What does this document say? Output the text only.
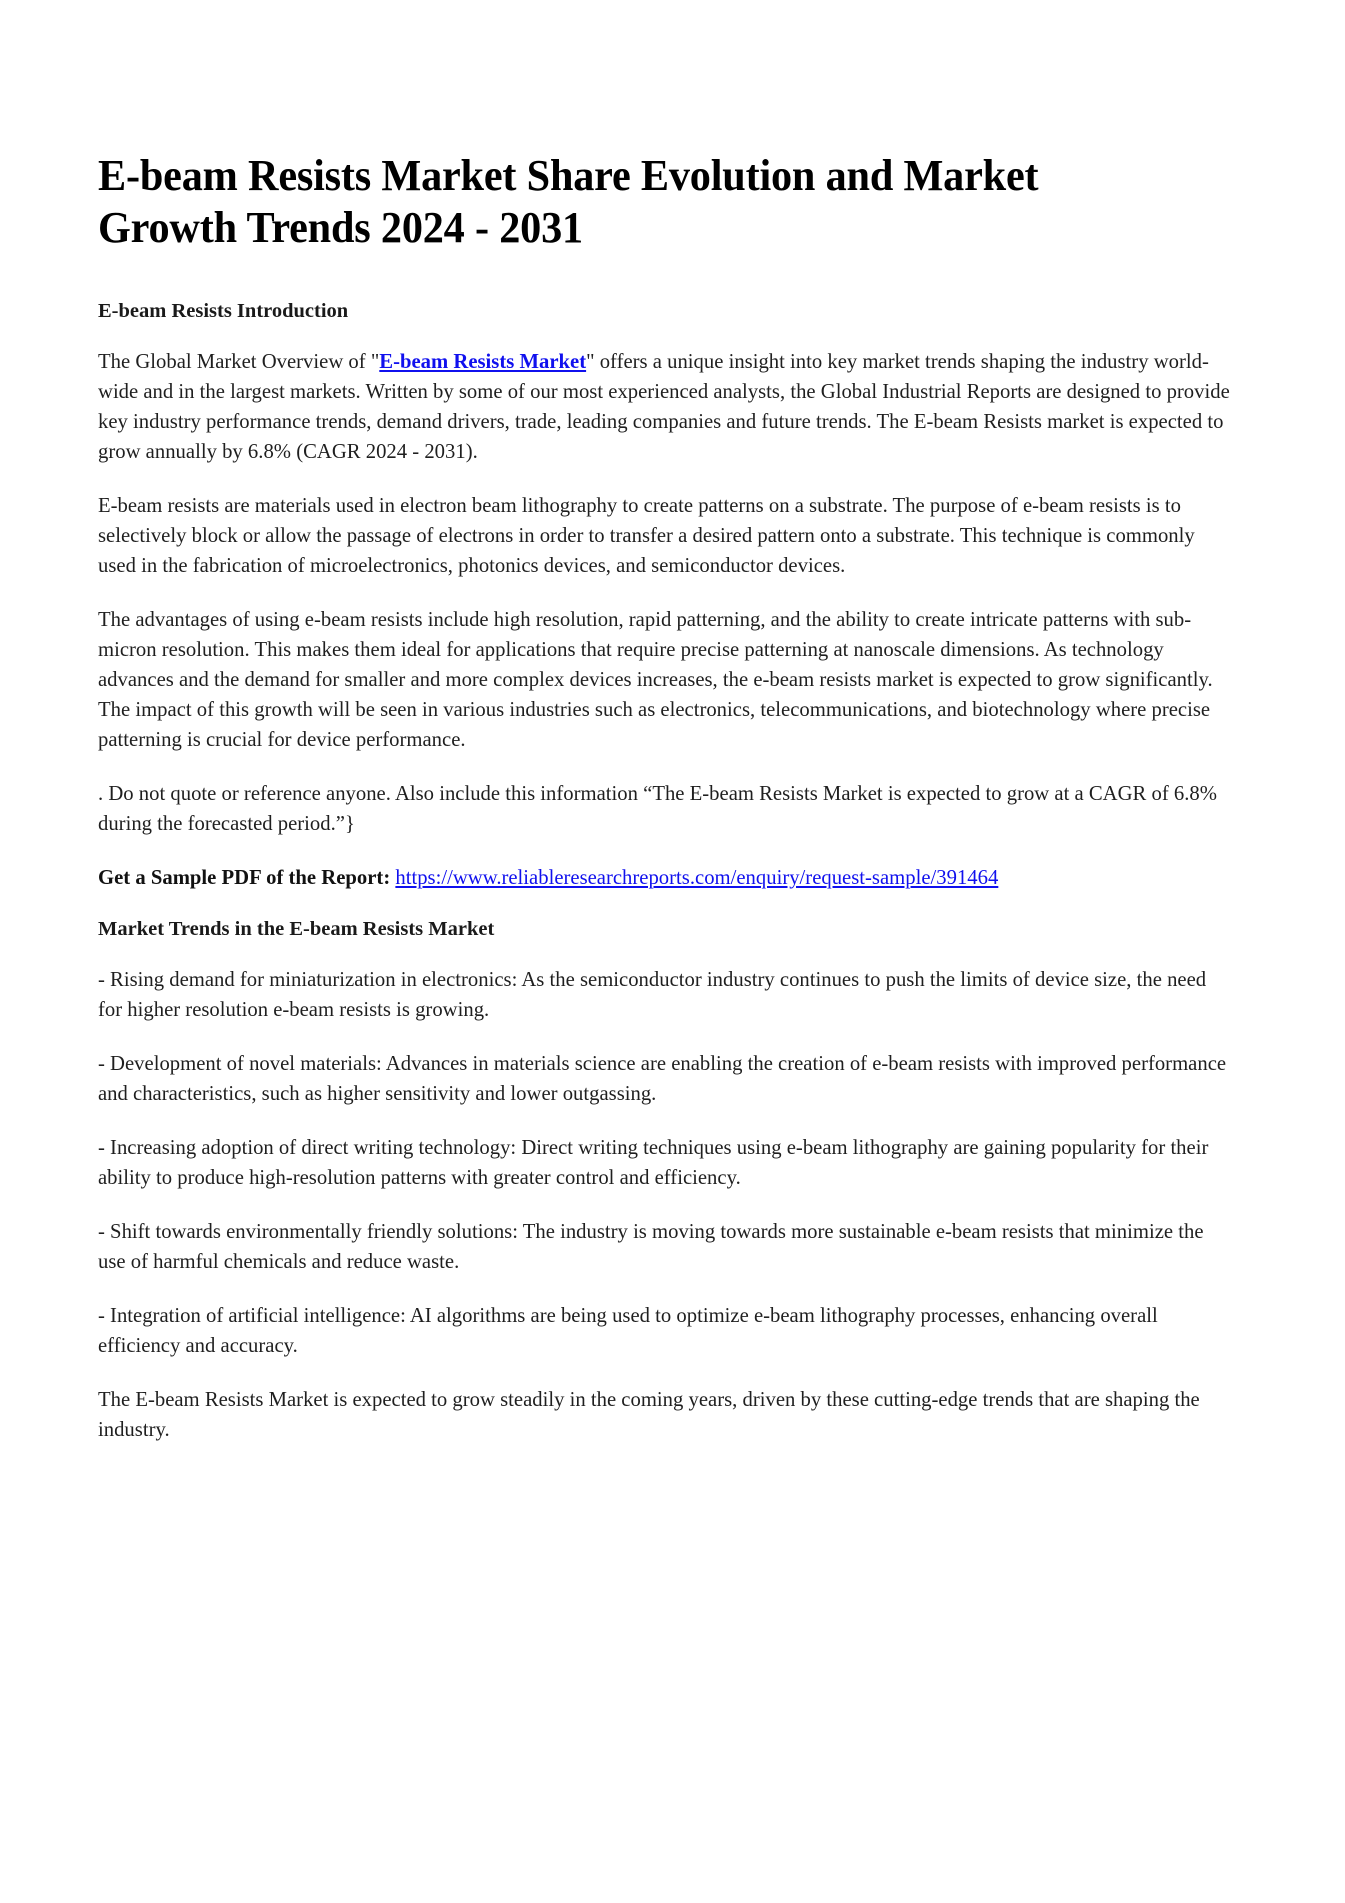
E-beam Resists Market Share Evolution and Market Growth Trends 2024 - 2031
E-beam Resists Introduction

The Global Market Overview of "E-beam Resists Market" offers a unique insight into key market trends shaping the industry world-wide and in the largest markets. Written by some of our most experienced analysts, the Global Industrial Reports are designed to provide key industry performance trends, demand drivers, trade, leading companies and future trends. The E-beam Resists market is expected to grow annually by 6.8% (CAGR 2024 - 2031).

E-beam resists are materials used in electron beam lithography to create patterns on a substrate. The purpose of e-beam resists is to selectively block or allow the passage of electrons in order to transfer a desired pattern onto a substrate. This technique is commonly used in the fabrication of microelectronics, photonics devices, and semiconductor devices.

The advantages of using e-beam resists include high resolution, rapid patterning, and the ability to create intricate patterns with sub-micron resolution. This makes them ideal for applications that require precise patterning at nanoscale dimensions. As technology advances and the demand for smaller and more complex devices increases, the e-beam resists market is expected to grow significantly. The impact of this growth will be seen in various industries such as electronics, telecommunications, and biotechnology where precise patterning is crucial for device performance.

. Do not quote or reference anyone. Also include this information “The E-beam Resists Market is expected to grow at a CAGR of 6.8% during the forecasted period.”}

Get a Sample PDF of the Report: https://www.reliableresearchreports.com/enquiry/request-sample/391464

Market Trends in the E-beam Resists Market

- Rising demand for miniaturization in electronics: As the semiconductor industry continues to push the limits of device size, the need for higher resolution e-beam resists is growing.

- Development of novel materials: Advances in materials science are enabling the creation of e-beam resists with improved performance and characteristics, such as higher sensitivity and lower outgassing.

- Increasing adoption of direct writing technology: Direct writing techniques using e-beam lithography are gaining popularity for their ability to produce high-resolution patterns with greater control and efficiency.

- Shift towards environmentally friendly solutions: The industry is moving towards more sustainable e-beam resists that minimize the use of harmful chemicals and reduce waste.

- Integration of artificial intelligence: AI algorithms are being used to optimize e-beam lithography processes, enhancing overall efficiency and accuracy.

The E-beam Resists Market is expected to grow steadily in the coming years, driven by these cutting-edge trends that are shaping the industry.
